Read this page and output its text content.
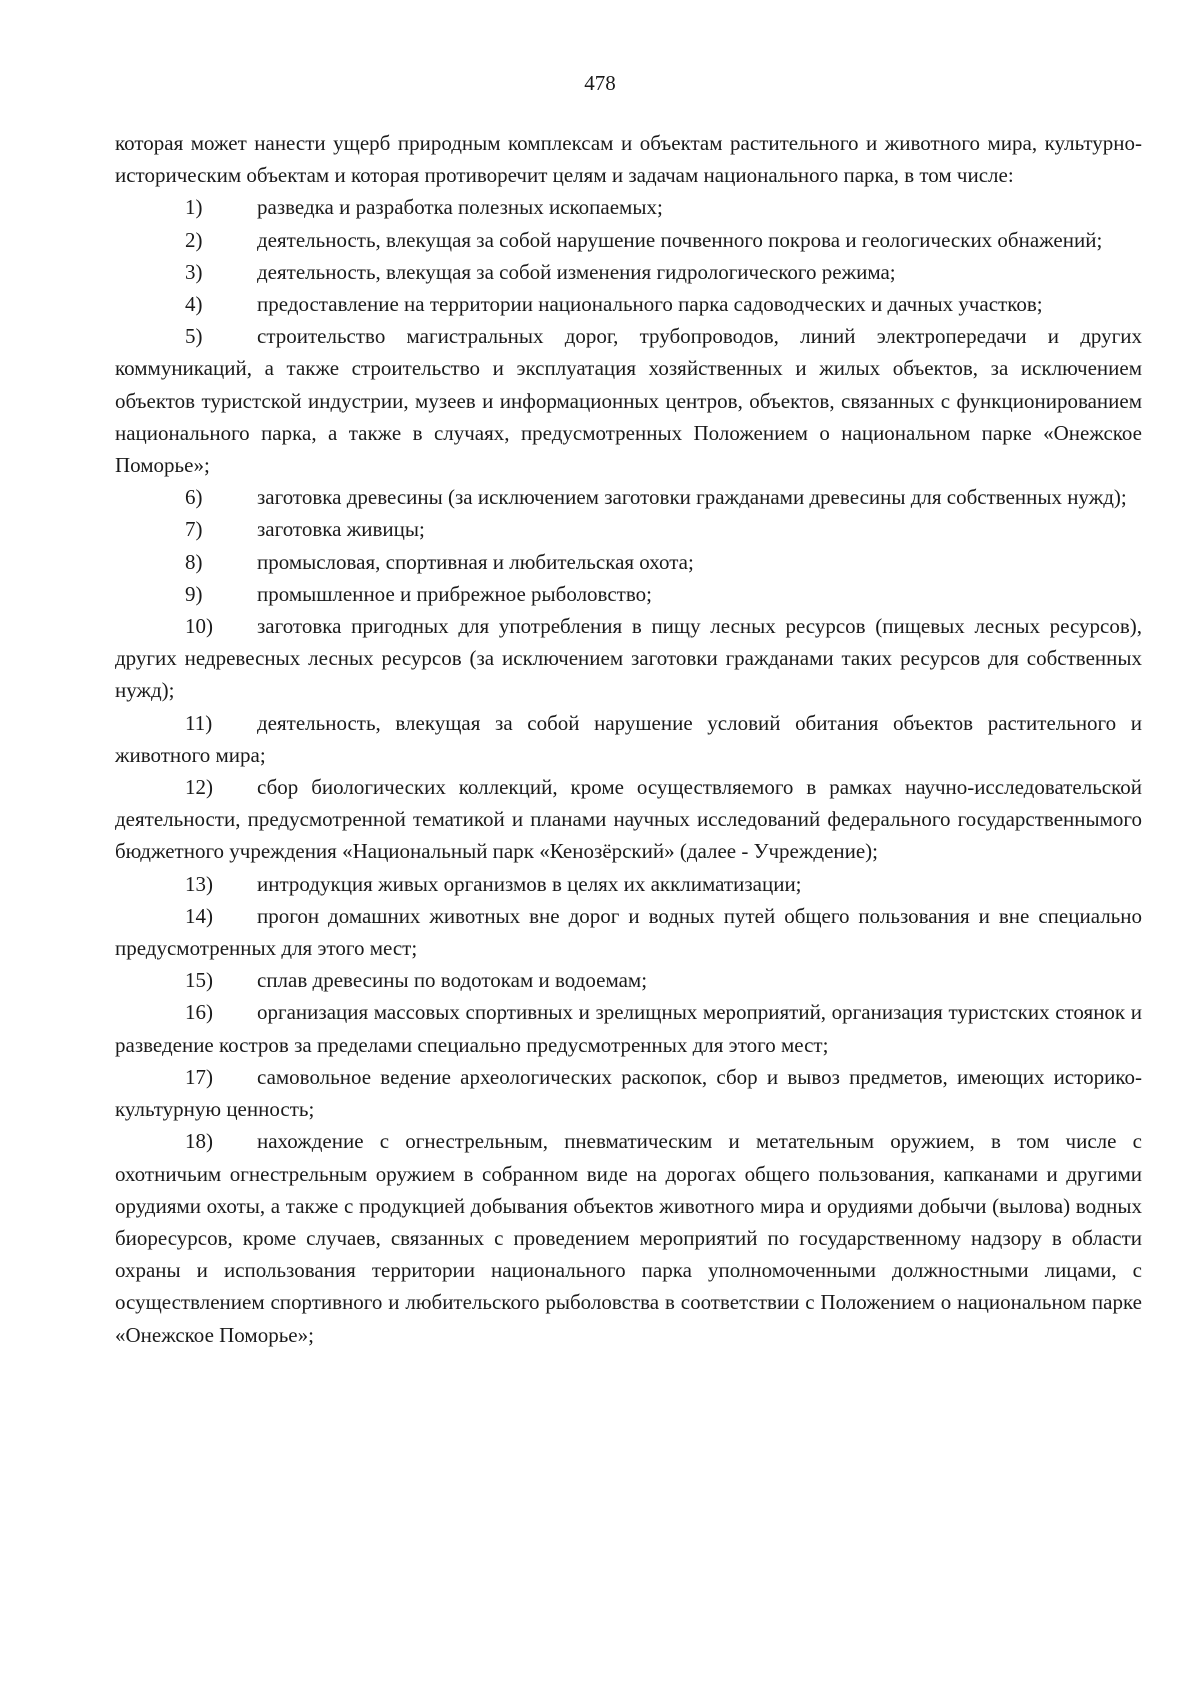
478

которая может нанести ущерб природным комплексам и объектам растительного и животного мира, культурно-историческим объектам и которая противоречит целям и задачам национального парка, в том числе:

1)	разведка и разработка полезных ископаемых;

2)	деятельность, влекущая за собой нарушение почвенного покрова и геологических обнажений;

3)	деятельность, влекущая за собой изменения гидрологического режима;

4)	предоставление на территории национального парка садоводческих и дачных участков;

5)	строительство магистральных дорог, трубопроводов, линий электропередачи и других коммуникаций, а также строительство и эксплуатация хозяйственных и жилых объектов, за исключением объектов туристской индустрии, музеев и информационных центров, объектов, связанных с функционированием национального парка, а также в случаях, предусмотренных Положением о национальном парке «Онежское Поморье»;

6)	заготовка древесины (за исключением заготовки гражданами древесины для собственных нужд);

7)	заготовка живицы;

8)	промысловая, спортивная и любительская охота;

9)	промышленное и прибрежное рыболовство;

10) заготовка пригодных для употребления в пищу лесных ресурсов (пищевых лесных ресурсов), других недревесных лесных ресурсов (за исключением заготовки гражданами таких ресурсов для собственных нужд);

11) деятельность, влекущая за собой нарушение условий обитания объектов растительного и животного мира;

12) сбор биологических коллекций, кроме осуществляемого в рамках научно-исследовательской деятельности, предусмотренной тематикой и планами научных исследований федерального государственнымого бюджетного учреждения «Национальный парк «Кенозёрский» (далее - Учреждение);

13) интродукция живых организмов в целях их акклиматизации;

14) прогон домашних животных вне дорог и водных путей общего пользования и вне специально предусмотренных для этого мест;

15) сплав древесины по водотокам и водоемам;

16) организация массовых спортивных и зрелищных мероприятий, организация туристских стоянок и разведение костров за пределами специально предусмотренных для этого мест;

17) самовольное ведение археологических раскопок, сбор и вывоз предметов, имеющих историко-культурную ценность;

18) нахождение с огнестрельным, пневматическим и метательным оружием, в том числе с охотничьим огнестрельным оружием в собранном виде на дорогах общего пользования, капканами и другими орудиями охоты, а также с продукцией добывания объектов животного мира и орудиями добычи (вылова) водных биоресурсов, кроме случаев, связанных с проведением мероприятий по государственному надзору в области охраны и использования территории национального парка уполномоченными должностными лицами, с осуществлением спортивного и любительского рыболовства в соответствии с Положением о национальном парке «Онежское Поморье»;
